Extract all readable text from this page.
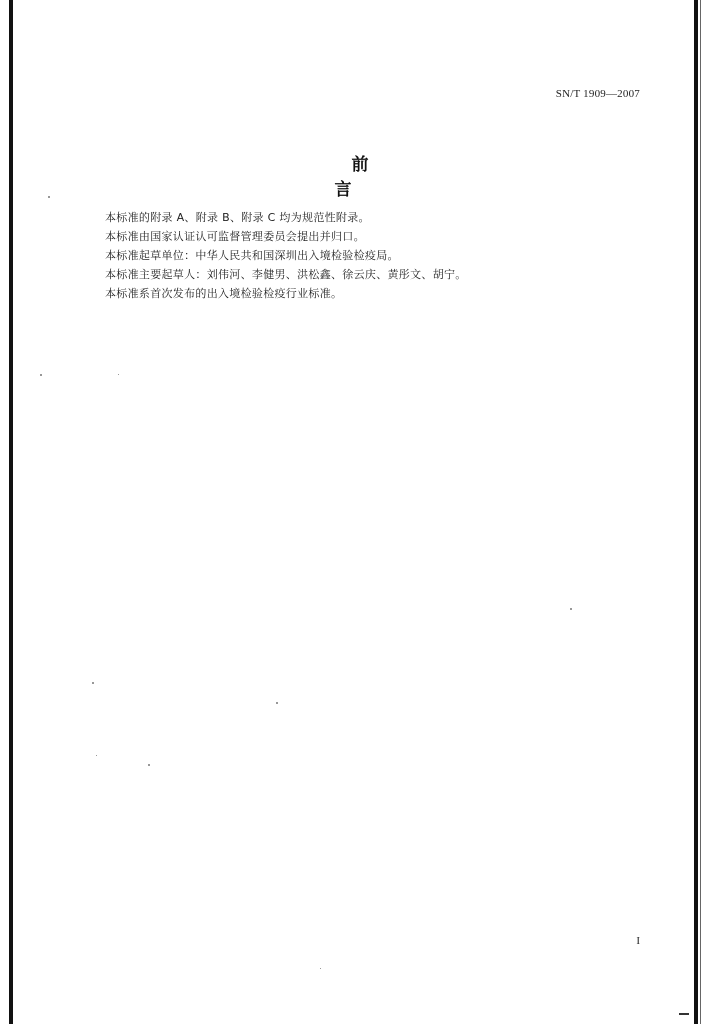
SN/T 1909—2007
前言
本标准的附录 A、附录 B、附录 C 均为规范性附录。
本标准由国家认证认可监督管理委员会提出并归口。
本标准起草单位：中华人民共和国深圳出入境检验检疫局。
本标准主要起草人：刘伟河、李健男、洪松鑫、徐云庆、黄彤文、胡宁。
本标准系首次发布的出入境检验检疫行业标准。
I
